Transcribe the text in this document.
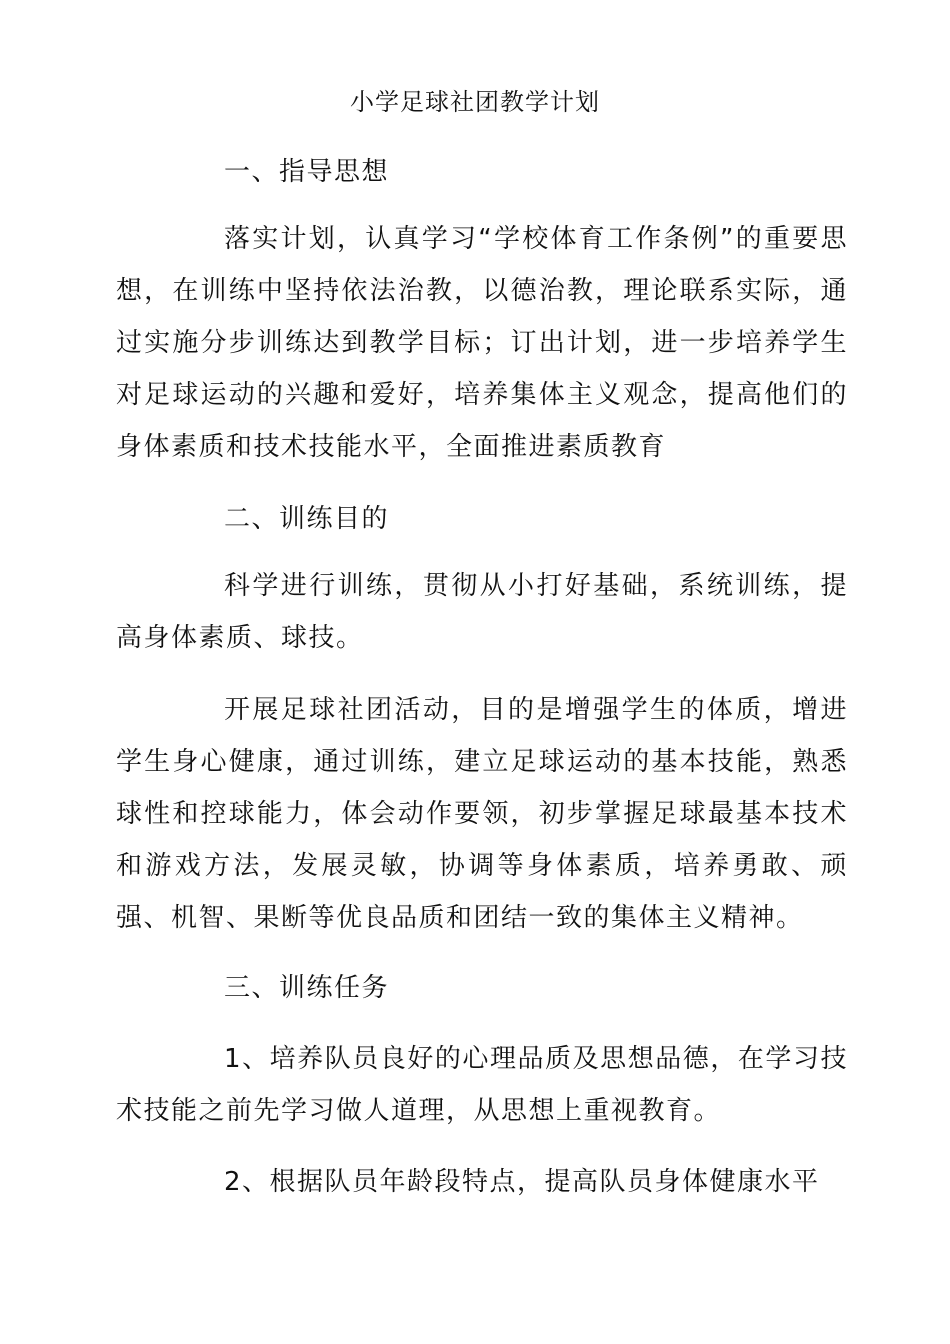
小学足球社团教学计划
一、指导思想
落实计划，认真学习“学校体育工作条例”的重要思想，在训练中坚持依法治教，以德治教，理论联系实际，通过实施分步训练达到教学目标；订出计划，进一步培养学生对足球运动的兴趣和爱好，培养集体主义观念，提高他们的身体素质和技术技能水平，全面推进素质教育
二、训练目的
科学进行训练，贯彻从小打好基础，系统训练，提高身体素质、球技。
开展足球社团活动，目的是增强学生的体质，增进学生身心健康，通过训练，建立足球运动的基本技能，熟悉球性和控球能力，体会动作要领，初步掌握足球最基本技术和游戏方法，发展灵敏，协调等身体素质，培养勇敢、顽强、机智、果断等优良品质和团结一致的集体主义精神。
三、训练任务
1、培养队员良好的心理品质及思想品德，在学习技术技能之前先学习做人道理，从思想上重视教育。
2、根据队员年龄段特点，提高队员身体健康水平
